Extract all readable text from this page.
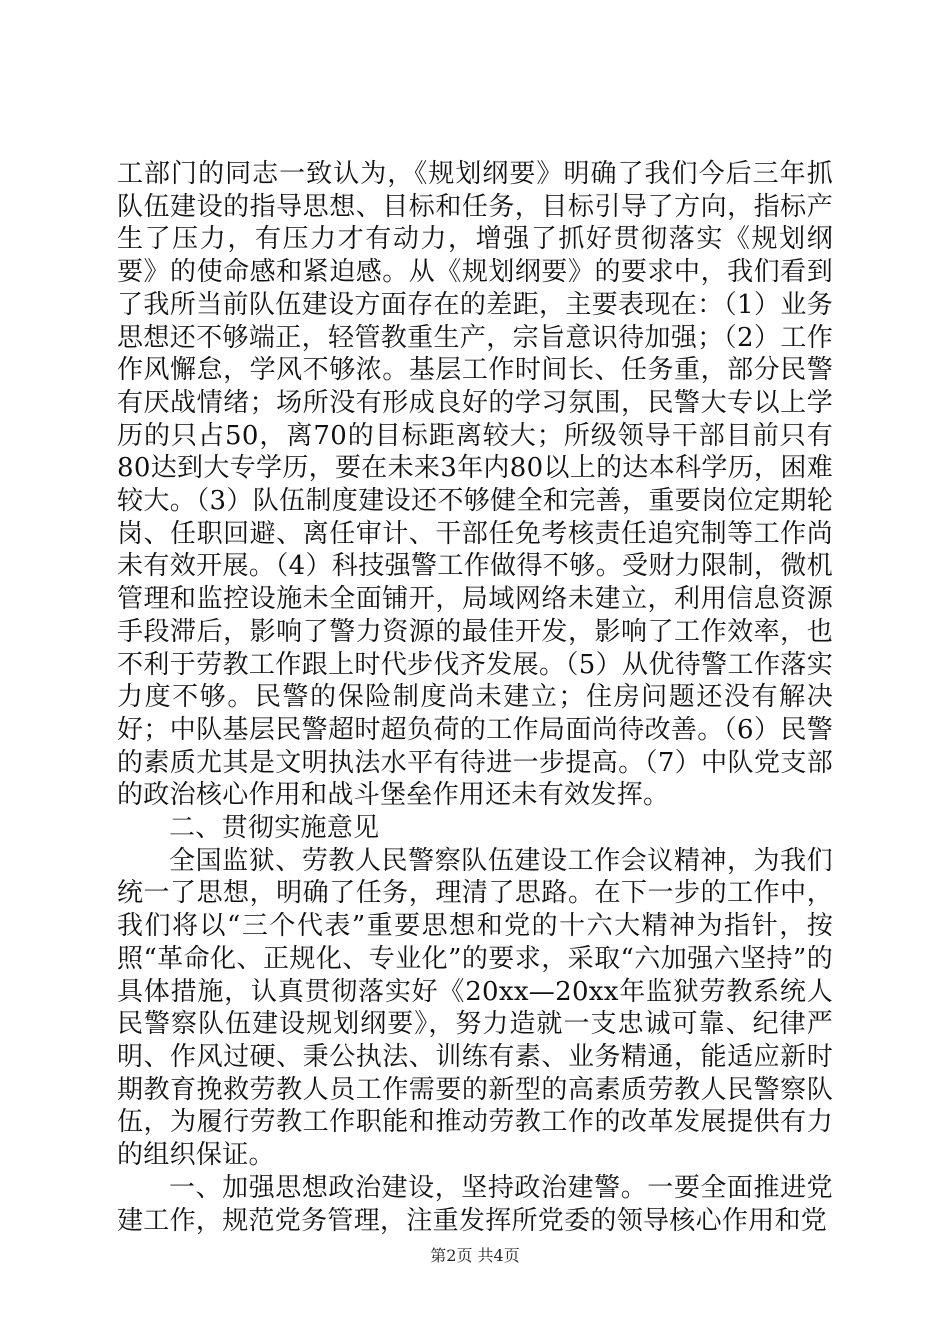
工部门的同志一致认为，《规划纲要》明确了我们今后三年抓队伍建设的指导思想、目标和任务，目标引导了方向，指标产生了压力，有压力才有动力，增强了抓好贯彻落实《规划纲要》的使命感和紧迫感。从《规划纲要》的要求中，我们看到了我所当前队伍建设方面存在的差距，主要表现在：（1）业务思想还不够端正，轻管教重生产，宗旨意识待加强；（2）工作作风懈怠，学风不够浓。基层工作时间长、任务重，部分民警有厌战情绪；场所没有形成良好的学习氛围，民警大专以上学历的只占50，离70的目标距离较大；所级领导干部目前只有80达到大专学历，要在未来3年内80以上的达本科学历，困难较大。（3）队伍制度建设还不够健全和完善，重要岗位定期轮岗、任职回避、离任审计、干部任免考核责任追究制等工作尚未有效开展。（4）科技强警工作做得不够。受财力限制，微机管理和监控设施未全面铺开，局域网络未建立，利用信息资源手段滞后，影响了警力资源的最佳开发，影响了工作效率，也不利于劳教工作跟上时代步伐齐发展。（5）从优待警工作落实力度不够。民警的保险制度尚未建立；住房问题还没有解决好；中队基层民警超时超负荷的工作局面尚待改善。（6）民警的素质尤其是文明执法水平有待进一步提高。（7）中队党支部的政治核心作用和战斗堡垒作用还未有效发挥。

二、贯彻实施意见

全国监狱、劳教人民警察队伍建设工作会议精神，为我们统一了思想，明确了任务，理清了思路。在下一步的工作中，我们将以“三个代表”重要思想和党的十六大精神为指针，按照“革命化、正规化、专业化”的要求，采取“六加强六坚持”的具体措施，认真贯彻落实好《20xx—20xx年监狱劳教系统人民警察队伍建设规划纲要》，努力造就一支忠诚可靠、纪律严明、作风过硬、秉公执法、训练有素、业务精通，能适应新时期教育挽救劳教人员工作需要的新型的高素质劳教人民警察队伍，为履行劳教工作职能和推动劳教工作的改革发展提供有力的组织保证。

一、加强思想政治建设，坚持政治建警。一要全面推进党建工作，规范党务管理，注重发挥所党委的领导核心作用和党

第2页 共4页
